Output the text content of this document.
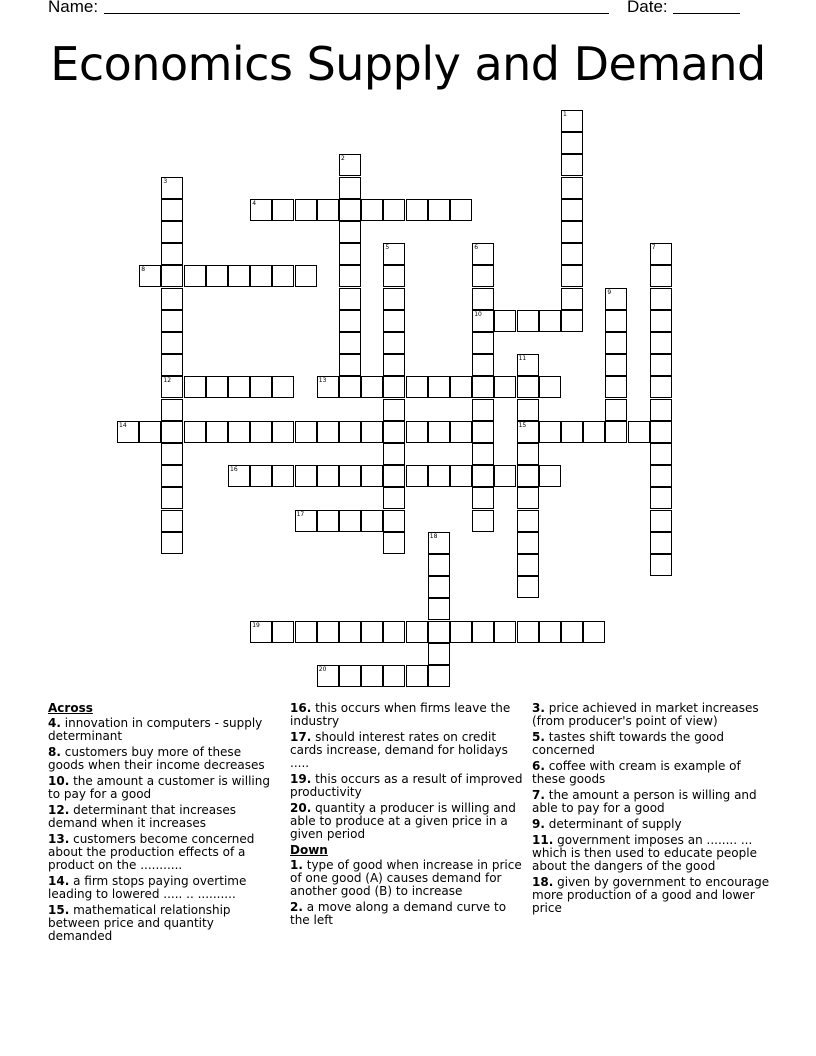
Name:	Date:
Economics Supply and Demand
1
2
3
12
4
5	6
10
7
8
9
11
15
13
14
16
17
18
19
20
Across
4. innovation in computers - supply determinant
8. customers buy more of these goods when their income decreases
10. the amount a customer is willing to pay for a good
12. determinant that increases demand when it increases
13. customers become concerned about the production effects of a product on the ...........
14. a firm stops paying overtime leading to lowered ..... .. ..........
15. mathematical relationship between price and quantity demanded
16. this occurs when firms leave the industry
17. should interest rates on credit cards increase, demand for holidays .....
19. this occurs as a result of improved productivity
20. quantity a producer is willing and able to produce at a given price in a given period
Down
1. type of good when increase in price of one good (A) causes demand for another good (B) to increase
2. a move along a demand curve to the left
3. price achieved in market increases (from producer's point of view)
5. tastes shift towards the good concerned
6. coffee with cream is example of these goods
7. the amount a person is willing and able to pay for a good
9. determinant of supply
11. government imposes an ........ ... which is then used to educate people about the dangers of the good
18. given by government to encourage more production of a good and lower price
